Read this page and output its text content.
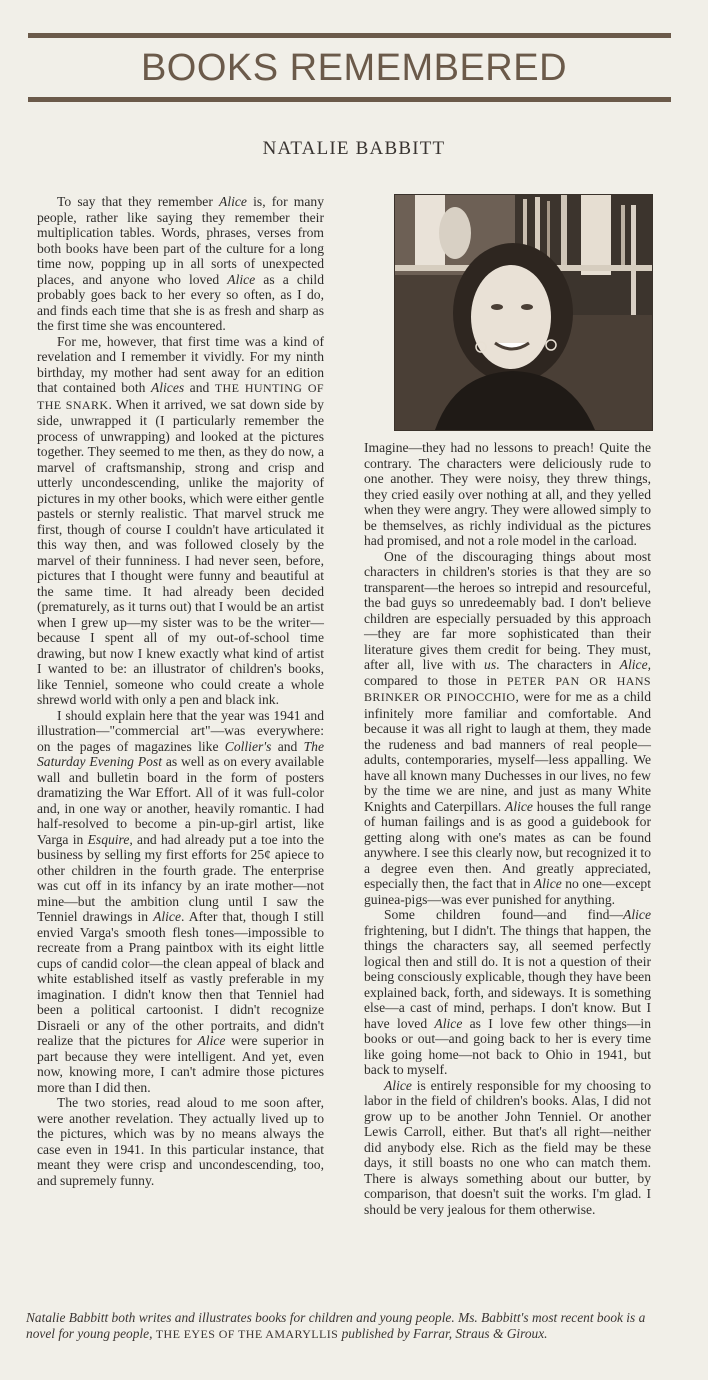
BOOKS REMEMBERED
NATALIE BABBITT

To say that they remember Alice is, for many people, rather like saying they remember their multiplication tables. Words, phrases, verses from both books have been part of the culture for a long time now, popping up in all sorts of unexpected places, and anyone who loved Alice as a child probably goes back to her every so often, as I do, and finds each time that she is as fresh and sharp as the first time she was encountered.

For me, however, that first time was a kind of revelation and I remember it vividly. For my ninth birthday, my mother had sent away for an edition that contained both Alices and THE HUNTING OF THE SNARK. When it arrived, we sat down side by side, unwrapped it (I particularly remember the process of unwrapping) and looked at the pictures together. They seemed to me then, as they do now, a marvel of craftsmanship, strong and crisp and utterly uncondescending, unlike the majority of pictures in my other books, which were either gentle pastels or sternly realistic. That marvel struck me first, though of course I couldn't have articulated it this way then, and was followed closely by the marvel of their funniness. I had never seen, before, pictures that I thought were funny and beautiful at the same time. It had already been decided (prematurely, as it turns out) that I would be an artist when I grew up—my sister was to be the writer—because I spent all of my out-of-school time drawing, but now I knew exactly what kind of artist I wanted to be: an illustrator of children's books, like Tenniel, someone who could create a whole shrewd world with only a pen and black ink.

I should explain here that the year was 1941 and illustration—"commercial art"—was everywhere: on the pages of magazines like Collier's and The Saturday Evening Post as well as on every available wall and bulletin board in the form of posters dramatizing the War Effort. All of it was full-color and, in one way or another, heavily romantic. I had half-resolved to become a pin-up-girl artist, like Varga in Esquire, and had already put a toe into the business by selling my first efforts for 25¢ apiece to other children in the fourth grade. The enterprise was cut off in its infancy by an irate mother—not mine—but the ambition clung until I saw the Tenniel drawings in Alice. After that, though I still envied Varga's smooth flesh tones—impossible to recreate from a Prang paintbox with its eight little cups of candid color—the clean appeal of black and white established itself as vastly preferable in my imagination. I didn't know then that Tenniel had been a political cartoonist. I didn't recognize Disraeli or any of the other portraits, and didn't realize that the pictures for Alice were superior in part because they were intelligent. And yet, even now, knowing more, I can't admire those pictures more than I did then.

The two stories, read aloud to me soon after, were another revelation. They actually lived up to the pictures, which was by no means always the case even in 1941. In this particular instance, that meant they were crisp and uncondescending, too, and supremely funny.

Imagine—they had no lessons to preach! Quite the contrary. The characters were deliciously rude to one another. They were noisy, they threw things, they cried easily over nothing at all, and they yelled when they were angry. They were allowed simply to be themselves, as richly individual as the pictures had promised, and not a role model in the carload.

One of the discouraging things about most characters in children's stories is that they are so transparent—the heroes so intrepid and resourceful, the bad guys so unredeemably bad. I don't believe children are especially persuaded by this approach—they are far more sophisticated than their literature gives them credit for being. They must, after all, live with us. The characters in Alice, compared to those in PETER PAN OR HANS BRINKER OR PINOCCHIO, were for me as a child infinitely more familiar and comfortable. And because it was all right to laugh at them, they made the rudeness and bad manners of real people—adults, contemporaries, myself—less appalling. We have all known many Duchesses in our lives, no few by the time we are nine, and just as many White Knights and Caterpillars. Alice houses the full range of human failings and is as good a guidebook for getting along with one's mates as can be found anywhere. I see this clearly now, but recognized it to a degree even then. And greatly appreciated, especially then, the fact that in Alice no one—except guinea-pigs—was ever punished for anything.

Some children found—and find—Alice frightening, but I didn't. The things that happen, the things the characters say, all seemed perfectly logical then and still do. It is not a question of their being consciously explicable, though they have been explained back, forth, and sideways. It is something else—a cast of mind, perhaps. I don't know. But I have loved Alice as I love few other things—in books or out—and going back to her is every time like going home—not back to Ohio in 1941, but back to myself.

Alice is entirely responsible for my choosing to labor in the field of children's books. Alas, I did not grow up to be another John Tenniel. Or another Lewis Carroll, either. But that's all right—neither did anybody else. Rich as the field may be these days, it still boasts no one who can match them. There is always something about our butter, by comparison, that doesn't suit the works. I'm glad. I should be very jealous for them otherwise.

Natalie Babbitt both writes and illustrates books for children and young people. Ms. Babbitt's most recent book is a novel for young people, THE EYES OF THE AMARYLLIS published by Farrar, Straus & Giroux.
